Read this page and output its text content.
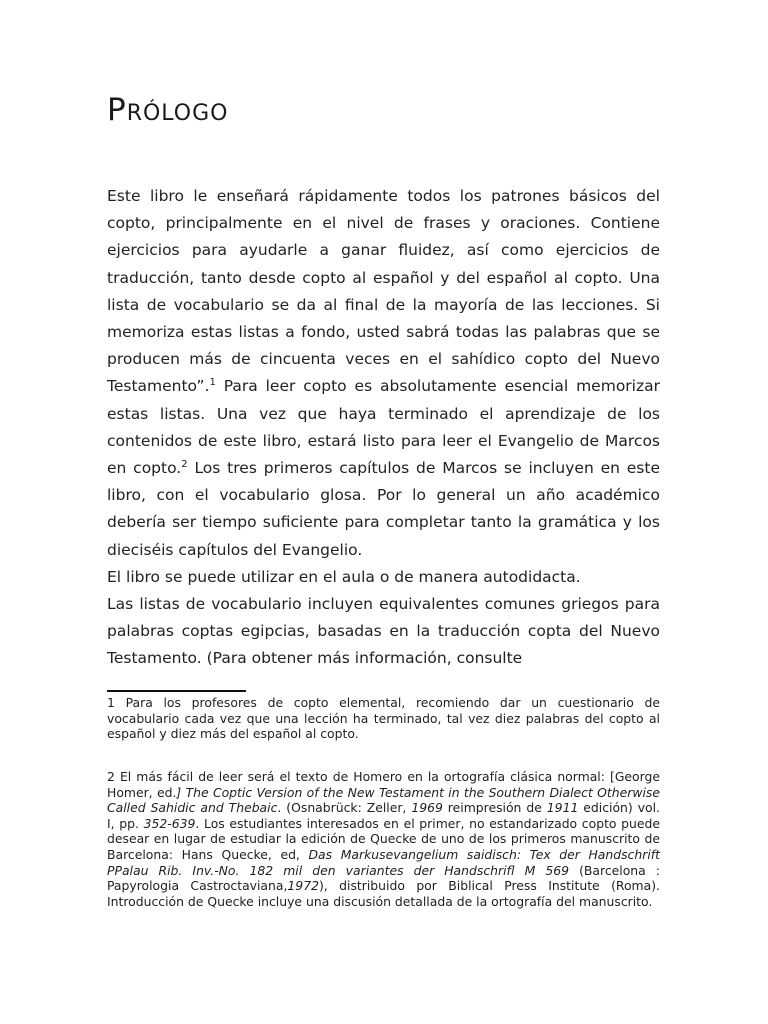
Prólogo

Este libro le enseñará rápidamente todos los patrones básicos del copto, principalmente en el nivel de frases y oraciones. Contiene ejercicios para ayudarle a ganar fluidez, así como ejercicios de traducción, tanto desde copto al español y del español al copto. Una lista de vocabulario se da al final de la mayoría de las lecciones. Si memoriza estas listas a fondo, usted sabrá todas las palabras que se producen más de cincuenta veces en el sahídico copto del Nuevo Testamento”.$^1$ Para leer copto es absolutamente esencial memorizar estas listas. Una vez que haya terminado el aprendizaje de los contenidos de este libro, estará listo para leer el Evangelio de Marcos en copto.$^2$ Los tres primeros capítulos de Marcos se incluyen en este libro, con el vocabulario glosa. Por lo general un año académico debería ser tiempo suficiente para completar tanto la gramática y los dieciséis capítulos del Evangelio.

El libro se puede utilizar en el aula o de manera autodidacta.

Las listas de vocabulario incluyen equivalentes comunes griegos para palabras coptas egipcias, basadas en la traducción copta del Nuevo Testamento. (Para obtener más información, consulte

1 Para los profesores de copto elemental, recomiendo dar un cuestionario de vocabulario cada vez que una lección ha terminado, tal vez diez palabras del copto al español y diez más del español al copto.

2 El más fácil de leer será el texto de Homero en la ortografía clásica normal: [George Homer, ed.] The Coptic Version of the New Testament in the Southern Dialect Otherwise Called Sahidic and Thebaic. (Osnabrück: Zeller, 1969 reimpresión de 1911 edición) vol. I, pp. 352-639. Los estudiantes interesados en el primer, no estandarizado copto puede desear en lugar de estudiar la edición de Quecke de uno de los primeros manuscrito de Barcelona: Hans Quecke, ed, Das Markusevangelium saidisch: Tex der Handschrift PPalau Rib. Inv.-No. 182 mil den variantes der Handschrifl M 569 (Barcelona : Papyrologia Castroctaviana,1972), distribuido por Biblical Press Institute (Roma). Introducción de Quecke incluye una discusión detallada de la ortografía del manuscrito.
